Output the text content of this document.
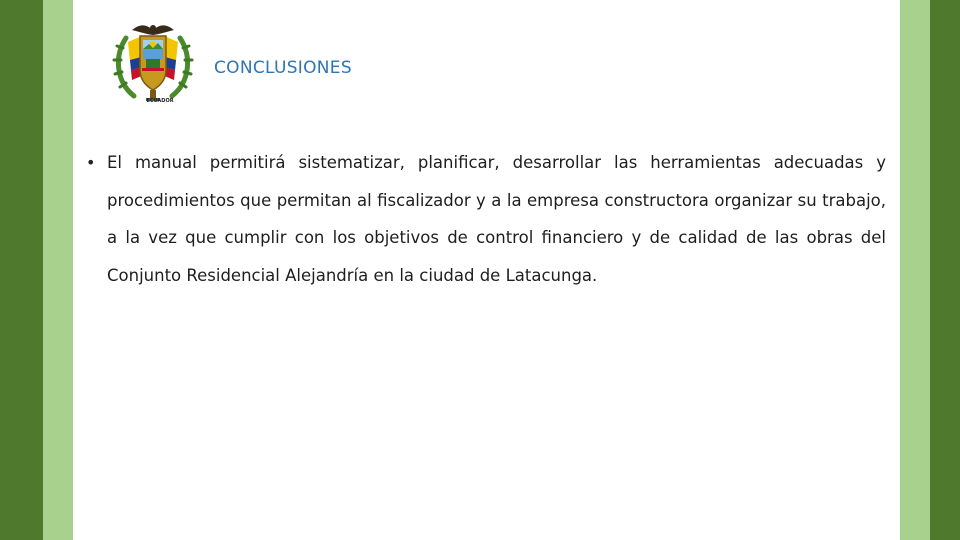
ECUADOR
CONCLUSIONES
• El manual permitirá sistematizar, planificar, desarrollar las herramientas adecuadas y procedimientos que permitan al fiscalizador y a la empresa constructora organizar su trabajo, a la vez que cumplir con los objetivos de control financiero y de calidad de las obras del Conjunto Residencial Alejandría en la ciudad de Latacunga.
